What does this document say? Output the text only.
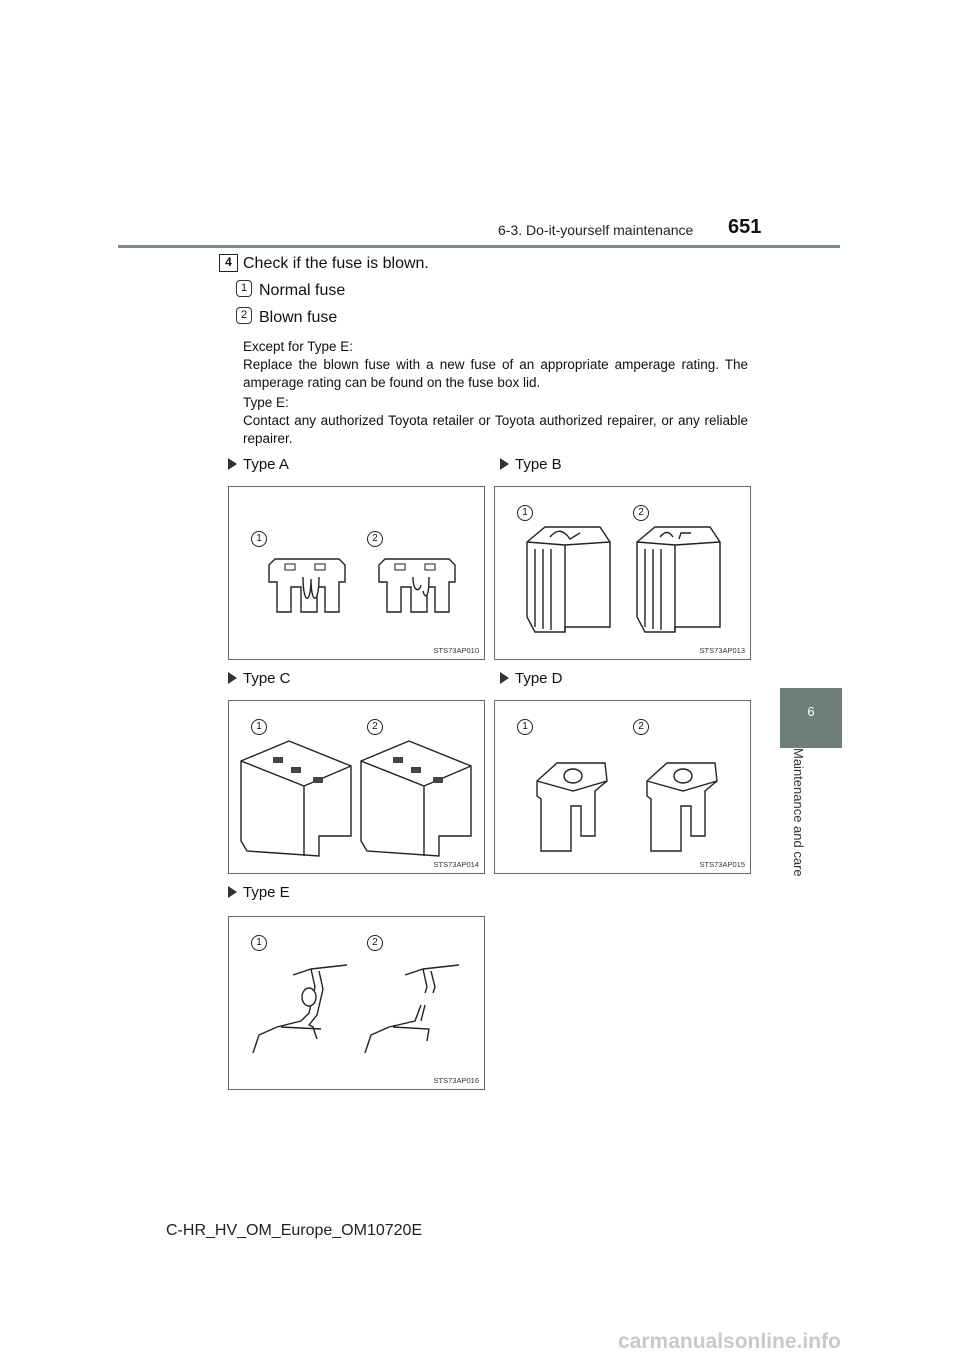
6-3. Do-it-yourself maintenance 651
6
Maintenance and care
4 Check if the fuse is blown.
1 Normal fuse
2 Blown fuse
Except for Type E:
Replace the blown fuse with a new fuse of an appropriate amperage rating. The amperage rating can be found on the fuse box lid.
Type E:
Contact any authorized Toyota retailer or Toyota authorized repairer, or any reliable repairer.
Type A	Type B
Type C	Type D
Type E
1	2
STS73AP010
1	2
STS73AP013
1	2
STS73AP014
1	2
STS73AP015
1	2
STS73AP016
C-HR_HV_OM_Europe_OM10720E
carmanualsonline.info
